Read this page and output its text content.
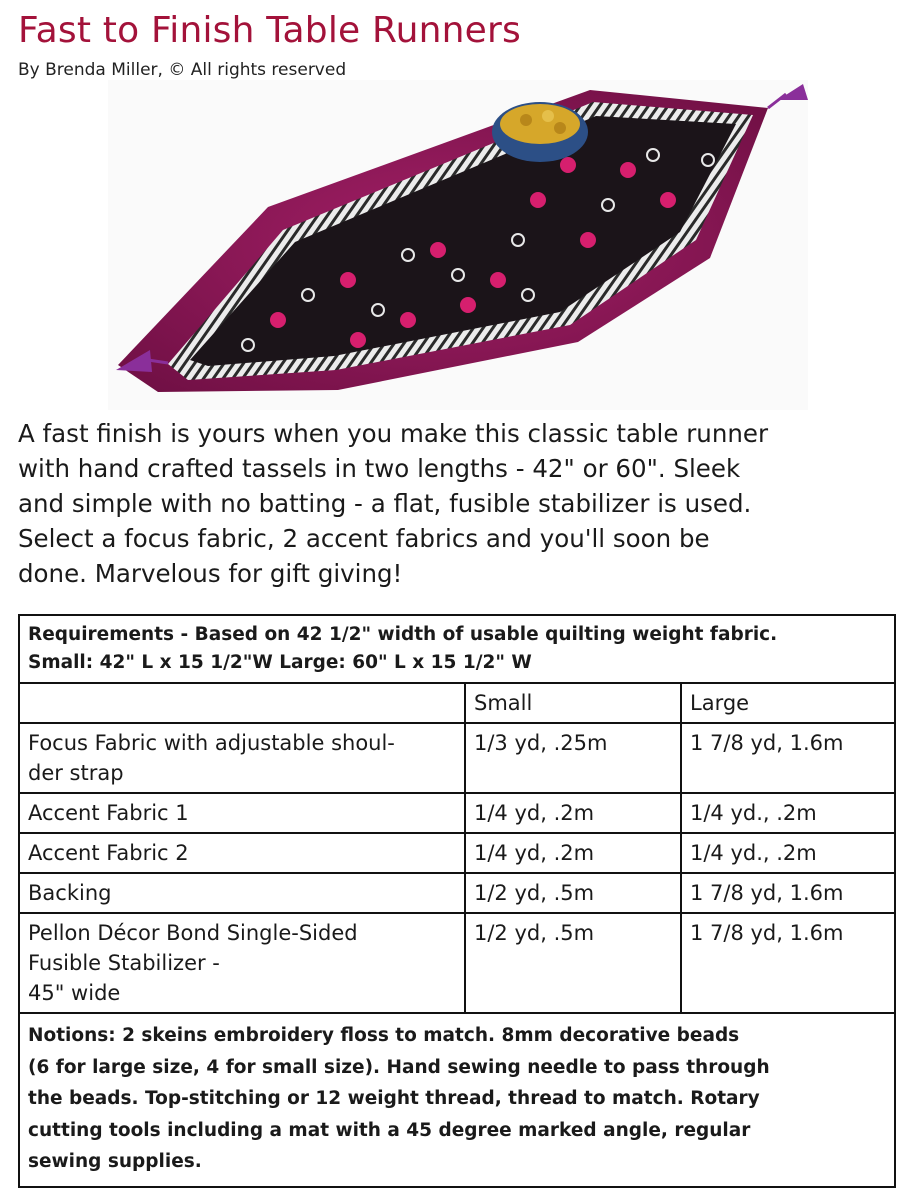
Fast to Finish Table Runners
By Brenda Miller, © All rights reserved
A fast finish is yours when you make this classic table runner
with hand crafted tassels in two lengths - 42" or 60". Sleek
and simple with no batting - a flat, fusible stabilizer is used.
Select a focus fabric, 2 accent fabrics and you'll soon be
done. Marvelous for gift giving!
Requirements - Based on 42 1/2" width of usable quilting weight fabric.
Small: 42" L x 15 1/2"W Large: 60" L x 15 1/2" W		

	Small	Large

Focus Fabric with adjustable shoul-
der strap	1/3 yd, .25m	1 7/8 yd, 1.6m

Accent Fabric 1	1/4 yd, .2m	1/4 yd., .2m

Accent Fabric 2	1/4 yd, .2m	1/4 yd., .2m

Backing	1/2 yd, .5m	1 7/8 yd, 1.6m

Pellon Décor Bond Single-Sided
Fusible Stabilizer -
45" wide	1/2 yd, .5m	1 7/8 yd, 1.6m

Notions: 2 skeins embroidery floss to match. 8mm decorative beads
(6 for large size, 4 for small size). Hand sewing needle to pass through
the beads. Top-stitching or 12 weight thread, thread to match. Rotary
cutting tools including a mat with a 45 degree marked angle, regular
sewing supplies.		
